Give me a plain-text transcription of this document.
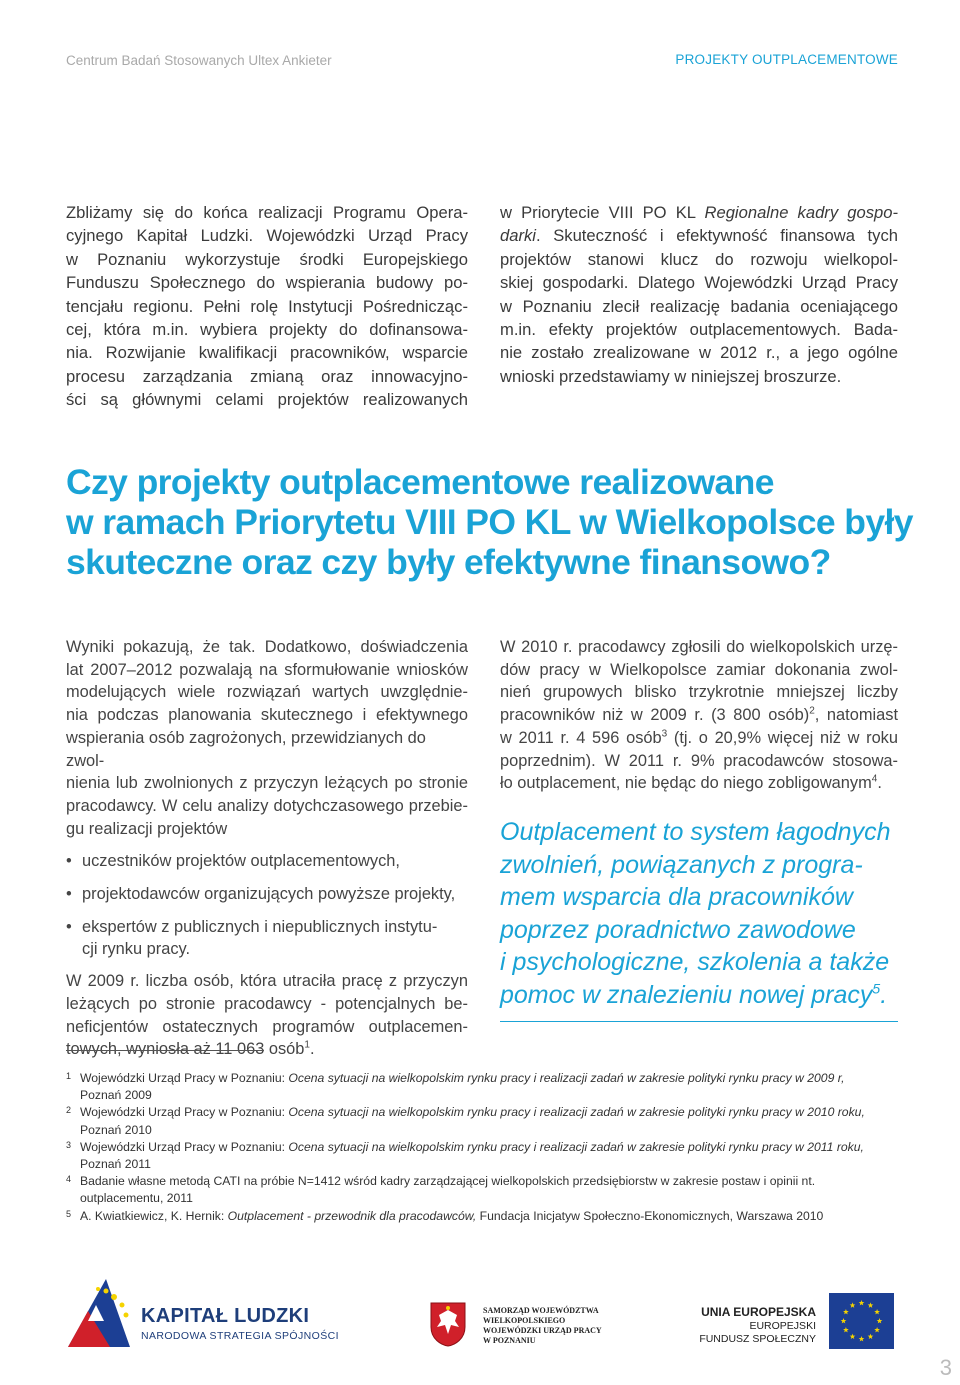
Centrum Badań Stosowanych Ultex Ankieter	PROJEKTY OUTPLACEMENTOWE
Zbliżamy się do końca realizacji Programu Opera-
cyjnego Kapitał Ludzki. Wojewódzki Urząd Pracy
w Poznaniu wykorzystuje środki Europejskiego
Funduszu Społecznego do wspierania budowy po-
tencjału regionu. Pełni rolę Instytucji Pośrednicząc-
cej, która m.in. wybiera projekty do dofinansowa-
nia. Rozwijanie kwalifikacji pracowników, wsparcie
procesu zarządzania zmianą oraz innowacyjno-
ści są głównymi celami projektów realizowanych
w Priorytecie VIII PO KL Regionalne kadry gospo-
darki. Skuteczność i efektywność finansowa tych
projektów stanowi klucz do rozwoju wielkopol-
skiej gospodarki. Dlatego Wojewódzki Urząd Pracy
w Poznaniu zlecił realizację badania oceniającego
m.in. efekty projektów outplacementowych. Bada-
nie zostało zrealizowane w 2012 r., a jego ogólne
wnioski przedstawiamy w niniejszej broszurze.
Czy projekty outplacementowe realizowane
w ramach Priorytetu VIII PO KL w Wielkopolsce były
skuteczne oraz czy były efektywne finansowo?
Wyniki pokazują, że tak. Dodatkowo, doświadczenia
lat 2007–2012 pozwalają na sformułowanie wniosków
modelujących wiele rozwiązań wartych uwzględnie-
nia podczas planowania skutecznego i efektywnego
wspierania osób zagrożonych, przewidzianych do zwol-
nienia lub zwolnionych z przyczyn leżących po stronie
pracodawcy. W celu analizy dotychczasowego przebie-
gu realizacji projektów
• uczestników projektów outplacementowych,
• projektodawców organizujących powyższe projekty,
• ekspertów z publicznych i niepublicznych instytu-
cji rynku pracy.
W 2009 r. liczba osób, która utraciła pracę z przyczyn
leżących po stronie pracodawcy - potencjalnych be-
neficjentów ostatecznych programów outplacemen-
towych, wyniosła aż 11 063 osób$^1$.
W 2010 r. pracodawcy zgłosili do wielkopolskich urzę-
dów pracy w Wielkopolsce zamiar dokonania zwol-
nień grupowych blisko trzykrotnie mniejszej liczby
pracowników niż w 2009 r. (3 800 osób)$^2$, natomiast
w 2011 r. 4 596 osób$^3$ (tj. o 20,9% więcej niż w roku
poprzednim). W 2011 r. 9% pracodawców stosowa-
ło outplacement, nie będąc do niego zobligowanym$^4$.
Outplacement to system łagodnych
zwolnień, powiązanych z progra-
mem wsparcia dla pracowników
poprzez poradnictwo zawodowe
i psychologiczne, szkolenia a także
pomoc w znalezieniu nowej pracy$^5$.
1 Wojewódzki Urząd Pracy w Poznaniu: Ocena sytuacji na wielkopolskim rynku pracy i realizacji zadań w zakresie polityki rynku pracy w 2009 r,
Poznań 2009
2 Wojewódzki Urząd Pracy w Poznaniu: Ocena sytuacji na wielkopolskim rynku pracy i realizacji zadań w zakresie polityki rynku pracy w 2010 roku,
Poznań 2010
3 Wojewódzki Urząd Pracy w Poznaniu: Ocena sytuacji na wielkopolskim rynku pracy i realizacji zadań w zakresie polityki rynku pracy w 2011 roku,
Poznań 2011
4 Badanie własne metodą CATI na próbie N=1412 wśród kadry zarządzającej wielkopolskich przedsiębiorstw w zakresie postaw i opinii nt.
outplacementu, 2011
5 A. Kwiatkiewicz, K. Hernik: Outplacement - przewodnik dla pracodawców, Fundacja Inicjatyw Społeczno-Ekonomicznych, Warszawa 2010
KAPITAŁ LUDZKI
NARODOWA STRATEGIA SPÓJNOŚCI
SAMORZĄD WOJEWÓDZTWA
WIELKOPOLSKIEGO
WOJEWÓDZKI URZĄD PRACY
W POZNANIU
UNIA EUROPEJSKA
EUROPEJSKI
FUNDUSZ SPOŁECZNY
3
